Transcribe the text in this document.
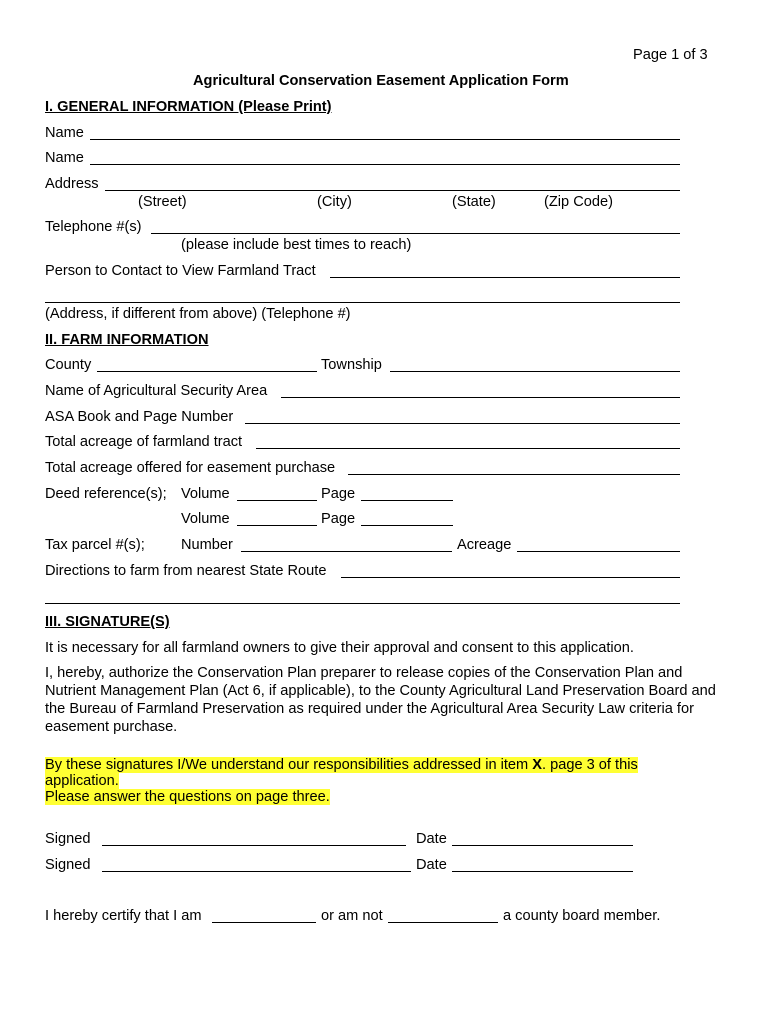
Page 1 of 3
Agricultural Conservation Easement Application Form
I. GENERAL INFORMATION (Please Print)
Name
Name
Address
(Street)	(City)	(State)	(Zip Code)
Telephone #(s)
(please include best times to reach)
Person to Contact to View Farmland Tract
(Address, if different from above) (Telephone #)
II. FARM INFORMATION
County	Township
Name of Agricultural Security Area
ASA Book and Page Number
Total acreage of farmland tract
Total acreage offered for easement purchase
Deed reference(s); Volume	Page
Volume	Page
Tax parcel #(s); Number	Acreage
Directions to farm from nearest State Route
III. SIGNATURE(S)
It is necessary for all farmland owners to give their approval and consent to this application.
I, hereby, authorize the Conservation Plan preparer to release copies of the Conservation Plan and Nutrient Management Plan (Act 6, if applicable), to the County Agricultural Land Preservation Board and the Bureau of Farmland Preservation as required under the Agricultural Area Security Law criteria for easement purchase.
By these signatures I/We understand our responsibilities addressed in item X. page 3 of this application.
Please answer the questions on page three.
Signed	Date
Signed	Date
I hereby certify that I am	or am not	a county board member.
